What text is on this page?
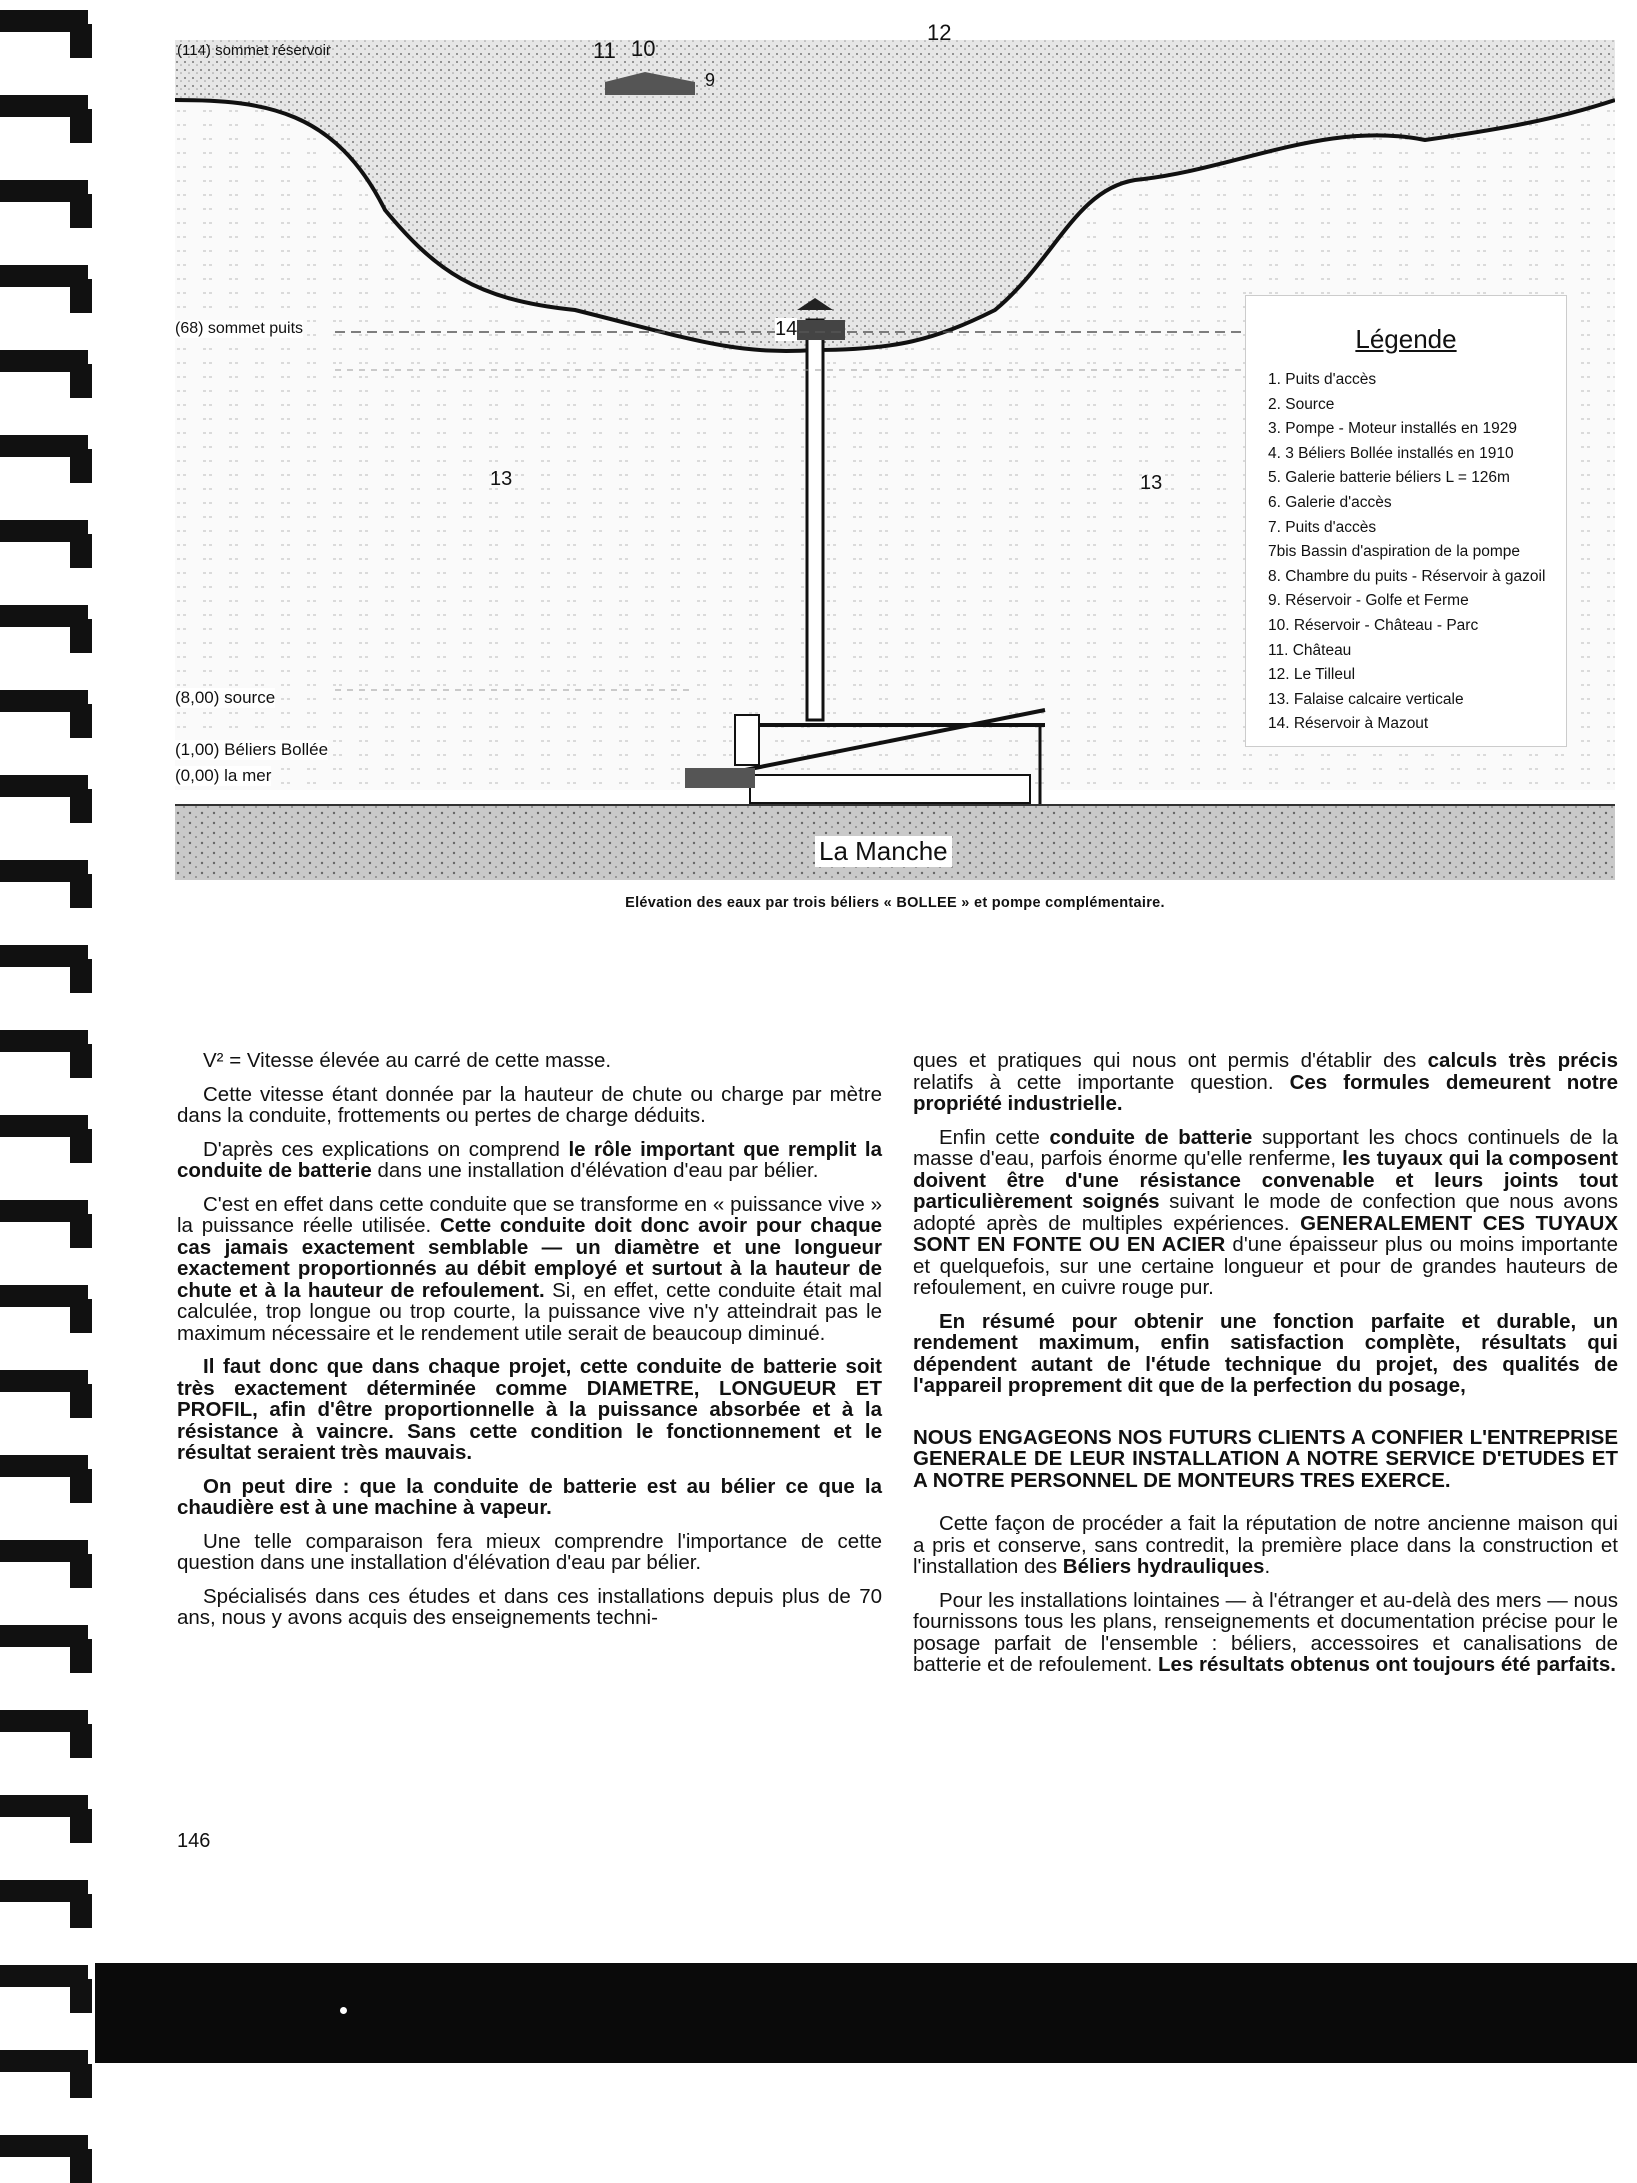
(114) sommet réservoir	11 10
9
12
(68) sommet puits
(8,00) source
(1,00) Béliers Bollée
(0,00) la mer
13	13
14
La Manche
Légende
1. Puits d'accès
2. Source
3. Pompe - Moteur installés en 1929
4. 3 Béliers Bollée installés en 1910
5. Galerie batterie béliers L = 126m
6. Galerie d'accès
7. Puits d'accès
7bis Bassin d'aspiration de la pompe
8. Chambre du puits - Réservoir à gazoil
9. Réservoir - Golfe et Ferme
10. Réservoir - Château - Parc
11. Château
12. Le Tilleul
13. Falaise calcaire verticale
14. Réservoir à Mazout
Elévation des eaux par trois béliers « BOLLEE » et pompe complémentaire.

V² = Vitesse élevée au carré de cette masse.

Cette vitesse étant donnée par la hauteur de chute ou charge par mètre dans la conduite, frottements ou pertes de charge déduits.

D'après ces explications on comprend le rôle important que remplit la conduite de batterie dans une installation d'élévation d'eau par bélier.

C'est en effet dans cette conduite que se transforme en « puissance vive » la puissance réelle utilisée. Cette conduite doit donc avoir pour chaque cas jamais exactement semblable — un diamètre et une longueur exactement proportionnés au débit employé et surtout à la hauteur de chute et à la hauteur de refoulement. Si, en effet, cette conduite était mal calculée, trop longue ou trop courte, la puissance vive n'y atteindrait pas le maximum nécessaire et le rendement utile serait de beaucoup diminué.

Il faut donc que dans chaque projet, cette conduite de batterie soit très exactement déterminée comme DIAMETRE, LONGUEUR ET PROFIL, afin d'être proportionnelle à la puissance absorbée et à la résistance à vaincre. Sans cette condition le fonctionnement et le résultat seraient très mauvais.

On peut dire : que la conduite de batterie est au bélier ce que la chaudière est à une machine à vapeur.

Une telle comparaison fera mieux comprendre l'importance de cette question dans une installation d'élévation d'eau par bélier.

Spécialisés dans ces études et dans ces installations depuis plus de 70 ans, nous y avons acquis des enseignements techni-

ques et pratiques qui nous ont permis d'établir des calculs très précis relatifs à cette importante question. Ces formules demeurent notre propriété industrielle.

Enfin cette conduite de batterie supportant les chocs continuels de la masse d'eau, parfois énorme qu'elle renferme, les tuyaux qui la composent doivent être d'une résistance convenable et leurs joints tout particulièrement soignés suivant le mode de confection que nous avons adopté après de multiples expériences. GENERALEMENT CES TUYAUX SONT EN FONTE OU EN ACIER d'une épaisseur plus ou moins importante et quelquefois, sur une certaine longueur et pour de grandes hauteurs de refoulement, en cuivre rouge pur.

En résumé pour obtenir une fonction parfaite et durable, un rendement maximum, enfin satisfaction complète, résultats qui dépendent autant de l'étude technique du projet, des qualités de l'appareil proprement dit que de la perfection du posage,

NOUS ENGAGEONS NOS FUTURS CLIENTS A CONFIER L'ENTREPRISE GENERALE DE LEUR INSTALLATION A NOTRE SERVICE D'ETUDES ET A NOTRE PERSONNEL DE MONTEURS TRES EXERCE.

Cette façon de procéder a fait la réputation de notre ancienne maison qui a pris et conserve, sans contredit, la première place dans la construction et l'installation des Béliers hydrauliques.

Pour les installations lointaines — à l'étranger et au-delà des mers — nous fournissons tous les plans, renseignements et documentation précise pour le posage parfait de l'ensemble : béliers, accessoires et canalisations de batterie et de refoulement. Les résultats obtenus ont toujours été parfaits.

146
